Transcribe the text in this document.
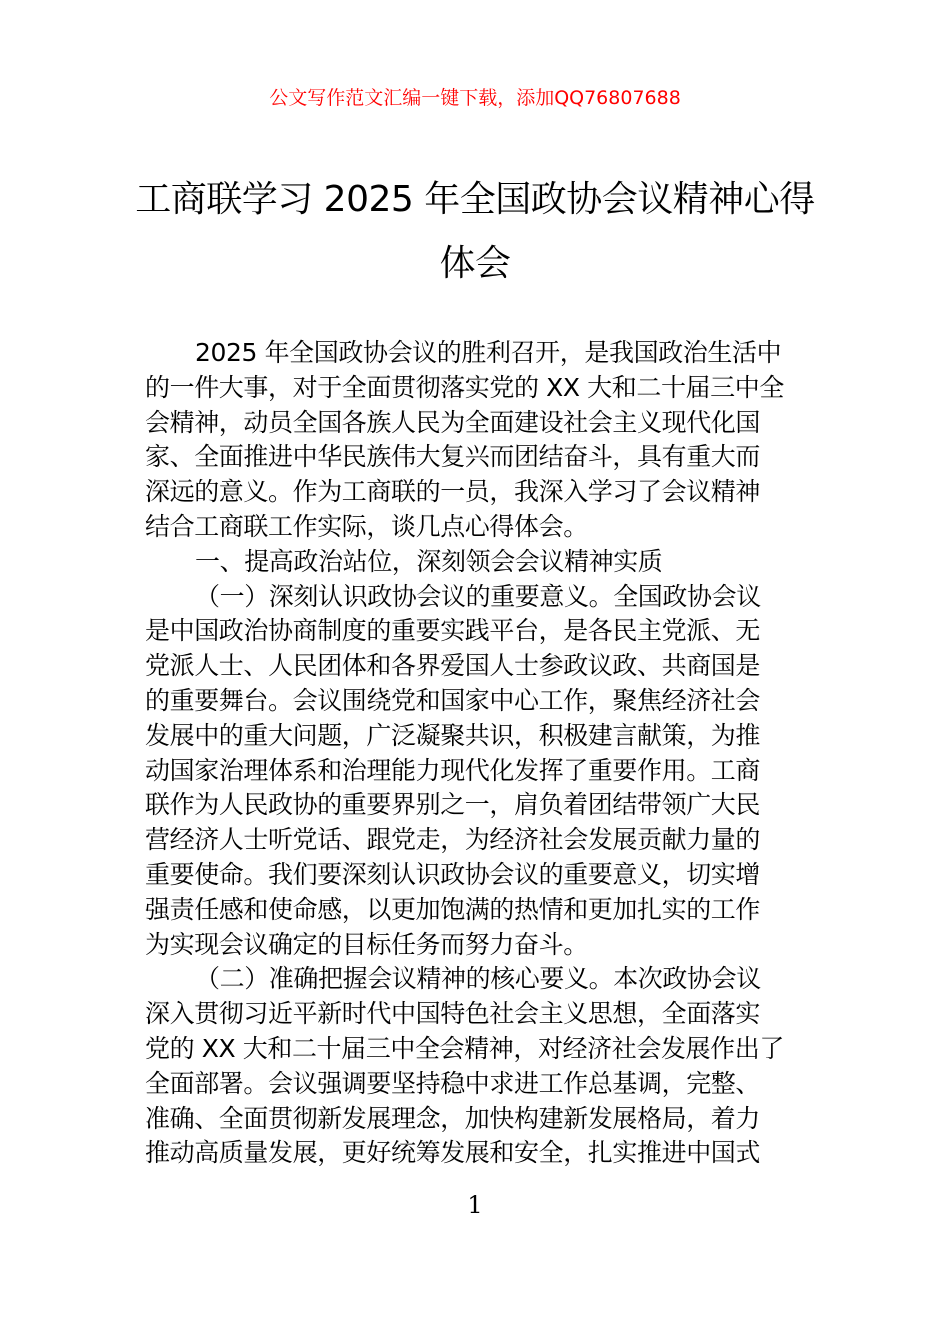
公文写作范文汇编一键下载，添加QQ76807688
工商联学习 2025 年全国政协会议精神心得
体会
2025 年全国政协会议的胜利召开，是我国政治生活中
的一件大事，对于全面贯彻落实党的 XX 大和二十届三中全
会精神，动员全国各族人民为全面建设社会主义现代化国
家、全面推进中华民族伟大复兴而团结奋斗，具有重大而
深远的意义。作为工商联的一员，我深入学习了会议精神
结合工商联工作实际，谈几点心得体会。
一、提高政治站位，深刻领会会议精神实质
（一）深刻认识政协会议的重要意义。全国政协会议
是中国政治协商制度的重要实践平台，是各民主党派、无
党派人士、人民团体和各界爱国人士参政议政、共商国是
的重要舞台。会议围绕党和国家中心工作，聚焦经济社会
发展中的重大问题，广泛凝聚共识，积极建言献策，为推
动国家治理体系和治理能力现代化发挥了重要作用。工商
联作为人民政协的重要界别之一，肩负着团结带领广大民
营经济人士听党话、跟党走，为经济社会发展贡献力量的
重要使命。我们要深刻认识政协会议的重要意义，切实增
强责任感和使命感，以更加饱满的热情和更加扎实的工作
为实现会议确定的目标任务而努力奋斗。
（二）准确把握会议精神的核心要义。本次政协会议
深入贯彻习近平新时代中国特色社会主义思想，全面落实
党的 XX 大和二十届三中全会精神，对经济社会发展作出了
全面部署。会议强调要坚持稳中求进工作总基调，完整、
准确、全面贯彻新发展理念，加快构建新发展格局，着力
推动高质量发展，更好统筹发展和安全，扎实推进中国式
1
